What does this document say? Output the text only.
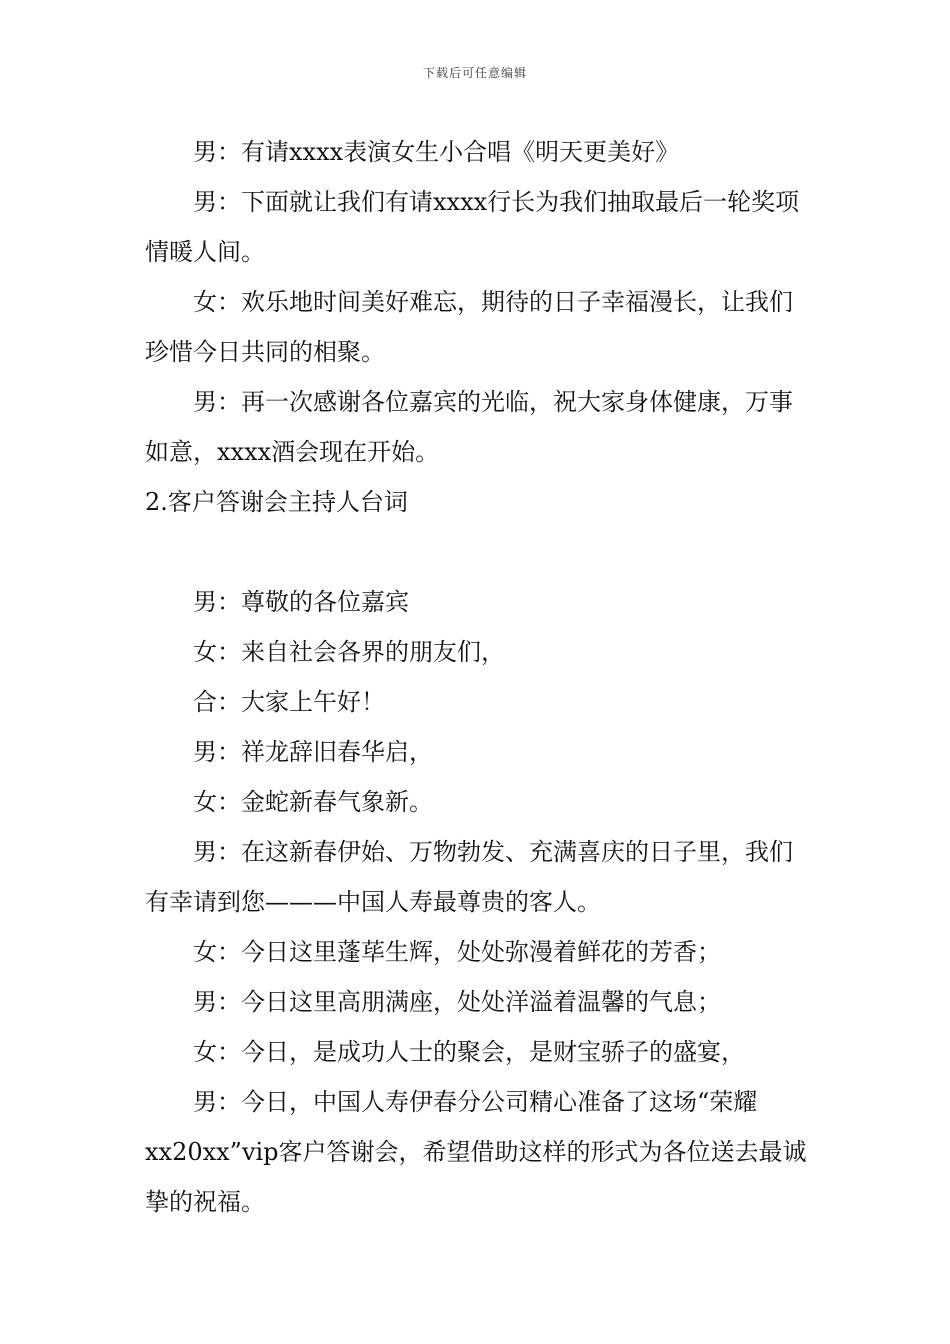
下载后可任意编辑

男：有请xxxx表演女生小合唱《明天更美好》

男：下面就让我们有请xxxx行长为我们抽取最后一轮奖项情暖人间。

女：欢乐地时间美好难忘，期待的日子幸福漫长，让我们珍惜今日共同的相聚。

男：再一次感谢各位嘉宾的光临，祝大家身体健康，万事如意，xxxx酒会现在开始。

2.客户答谢会主持人台词

男：尊敬的各位嘉宾

女：来自社会各界的朋友们，

合：大家上午好！

男：祥龙辞旧春华启，

女：金蛇新春气象新。

男：在这新春伊始、万物勃发、充满喜庆的日子里，我们有幸请到您———中国人寿最尊贵的客人。

女：今日这里蓬荜生辉，处处弥漫着鲜花的芳香；

男：今日这里高朋满座，处处洋溢着温馨的气息；

女：今日，是成功人士的聚会，是财宝骄子的盛宴，

男：今日，中国人寿伊春分公司精心准备了这场“荣耀xx20xx”vip客户答谢会，希望借助这样的形式为各位送去最诚挚的祝福。
